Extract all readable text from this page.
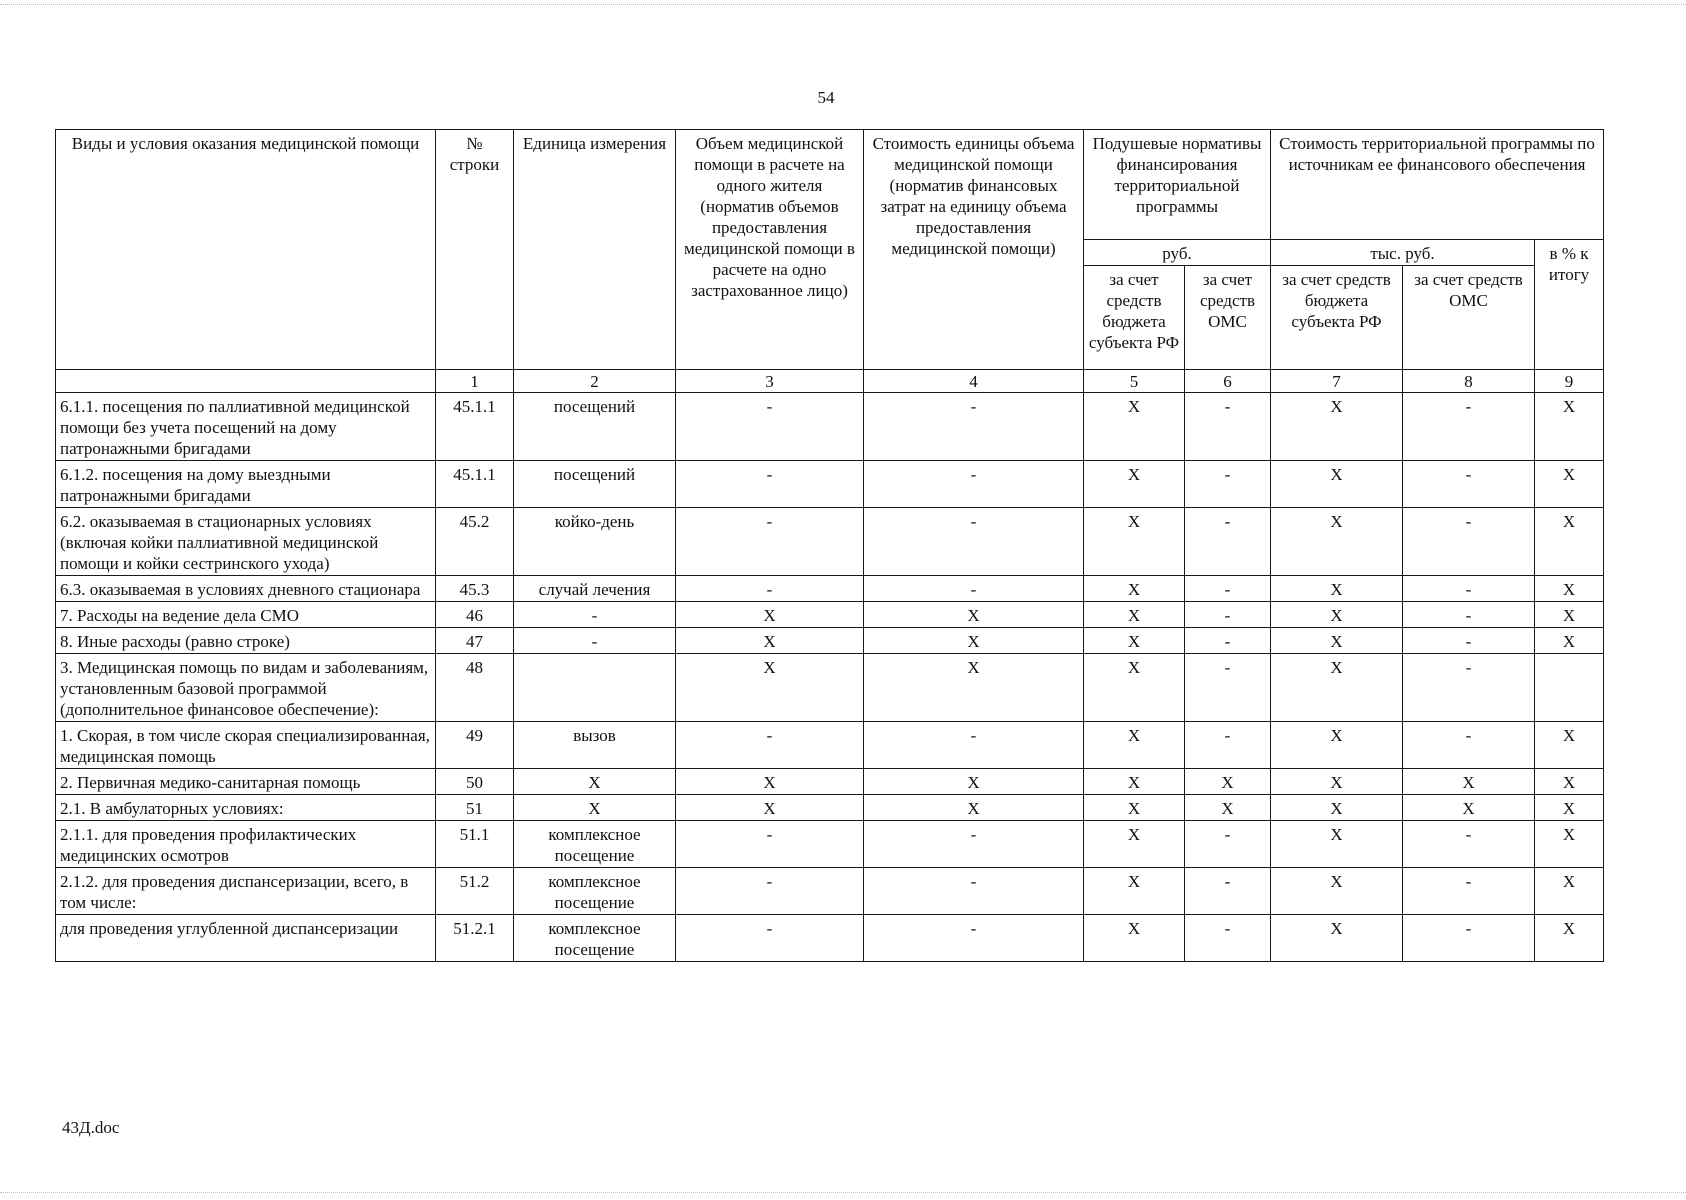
54
Виды и условия оказания медицинской помощи	№ строки	Единица измерения	Объем медицинской помощи в расчете на одного жителя (норматив объемов предоставления медицинской помощи в расчете на одно застрахованное лицо)	Стоимость единицы объема медицинской помощи (норматив финансовых затрат на единицу объема предоставления медицинской помощи)	Подушевые нормативы финансирования территориальной программы		Стоимость территориальной программы по источникам ее финансового обеспечения		
					руб.		тыс. руб.		в % к итогу
					за счет средств бюджета субъекта РФ	за счет средств ОМС	за счет средств бюджета субъекта РФ	за счет средств ОМС	
	1	2	3	4	5	6	7	8	9
6.1.1. посещения по паллиативной медицинской помощи без учета посещений на дому патронажными бригадами	45.1.1	посещений	-	-	X	-	X	-	X
6.1.2. посещения на дому выездными патронажными бригадами	45.1.1	посещений	-	-	X	-	X	-	X
6.2. оказываемая в стационарных условиях (включая койки паллиативной медицинской помощи и койки сестринского ухода)	45.2	койко-день	-	-	X	-	X	-	X
6.3. оказываемая в условиях дневного стационара	45.3	случай лечения	-	-	X	-	X	-	X
7. Расходы на ведение дела СМО	46	-	X	X	X	-	X	-	X
8. Иные расходы (равно строке)	47	-	X	X	X	-	X	-	X
3. Медицинская помощь по видам и заболеваниям, установленным базовой программой (дополнительное финансовое обеспечение):	48		X	X	X	-	X	-	
1. Скорая, в том числе скорая специализированная, медицинская помощь	49	вызов	-	-	X	-	X	-	X
2. Первичная медико-санитарная помощь	50	X	X	X	X	X	X	X	X
2.1. В амбулаторных условиях:	51	X	X	X	X	X	X	X	X
2.1.1. для проведения профилактических медицинских осмотров	51.1	комплексное посещение	-	-	X	-	X	-	X
2.1.2. для проведения диспансеризации, всего, в том числе:	51.2	комплексное посещение	-	-	X	-	X	-	X
для проведения углубленной диспансеризации	51.2.1	комплексное посещение	-	-	X	-	X	-	X
43Д.doc
